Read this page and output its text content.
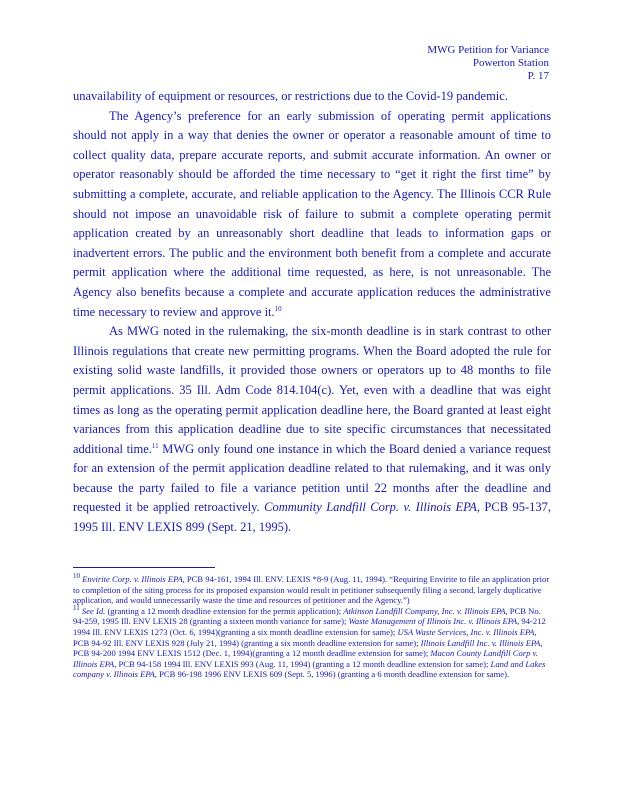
MWG Petition for Variance
Powerton Station
P. 17

unavailability of equipment or resources, or restrictions due to the Covid-19 pandemic.

The Agency’s preference for an early submission of operating permit applications should not apply in a way that denies the owner or operator a reasonable amount of time to collect quality data, prepare accurate reports, and submit accurate information. An owner or operator reasonably should be afforded the time necessary to “get it right the first time” by submitting a complete, accurate, and reliable application to the Agency. The Illinois CCR Rule should not impose an unavoidable risk of failure to submit a complete operating permit application created by an unreasonably short deadline that leads to information gaps or inadvertent errors. The public and the environment both benefit from a complete and accurate permit application where the additional time requested, as here, is not unreasonable. The Agency also benefits because a complete and accurate application reduces the administrative time necessary to review and approve it.$^{10}$

As MWG noted in the rulemaking, the six-month deadline is in stark contrast to other Illinois regulations that create new permitting programs. When the Board adopted the rule for existing solid waste landfills, it provided those owners or operators up to 48 months to file permit applications. 35 Ill. Adm Code 814.104(c). Yet, even with a deadline that was eight times as long as the operating permit application deadline here, the Board granted at least eight variances from this application deadline due to site specific circumstances that necessitated additional time.$^{11}$ MWG only found one instance in which the Board denied a variance request for an extension of the permit application deadline related to that rulemaking, and it was only because the party failed to file a variance petition until 22 months after the deadline and requested it be applied retroactively. Community Landfill Corp. v. Illinois EPA, PCB 95-137, 1995 Ill. ENV LEXIS 899 (Sept. 21, 1995).

$^{10}$ Envirite Corp. v. Illinois EPA, PCB 94-161, 1994 Ill. ENV. LEXIS *8-9 (Aug. 11, 1994). “Requiring Envirite to file an application prior to completion of the siting process for its proposed expansion would result in petitioner subsequently filing a second, largely duplicative application, and would unnecessarily waste the time and resources of petitioner and the Agency.”)

$^{11}$ See Id. (granting a 12 month deadline extension for the permit application); Atkinson Landfill Company, Inc. v. Illinois EPA, PCB No. 94-259, 1995 Ill. ENV LEXIS 28 (granting a sixteen month variance for same); Waste Management of Illinois Inc. v. Illinois EPA, 94-212 1994 Ill. ENV LEXIS 1273 (Oct. 6, 1994)(granting a six month deadline extension for same); USA Waste Services, Inc. v. Illinois EPA, PCB 94-92 Ill. ENV LEXIS 928 (July 21, 1994) (granting a six month deadline extension for same); Illinois Landfill Inc. v. Illinois EPA, PCB 94-200 1994 ENV LEXIS 1512 (Dec. 1, 1994)(granting a 12 month deadline extension for same); Macon County Landfill Corp v. Illinois EPA, PCB 94-158 1994 Ill. ENV LEXIS 993 (Aug. 11, 1994) (granting a 12 month deadline extension for same); Land and Lakes company v. Illinois EPA, PCB 96-198 1996 ENV LEXIS 609 (Sept. 5, 1996) (granting a 6 month deadline extension for same).
